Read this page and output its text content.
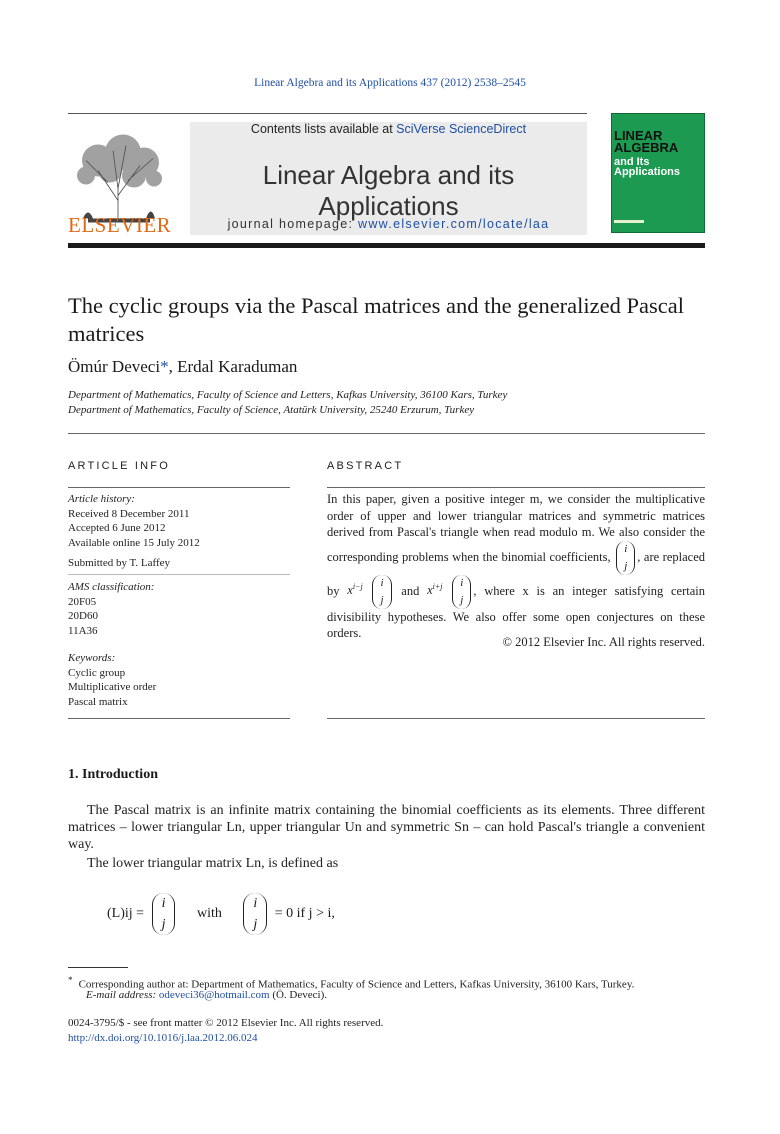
Linear Algebra and its Applications 437 (2012) 2538–2545
ELSEVIER
Contents lists available at SciVerse ScienceDirect
Linear Algebra and its Applications
journal homepage: www.elsevier.com/locate/laa
LINEAR ALGEBRA
and Its Applications
The cyclic groups via the Pascal matrices and the generalized Pascal matrices
Ömúr Deveci*, Erdal Karaduman
Department of Mathematics, Faculty of Science and Letters, Kafkas University, 36100 Kars, Turkey
Department of Mathematics, Faculty of Science, Atatürk University, 25240 Erzurum, Turkey
ARTICLE INFO
Article history:
Received 8 December 2011
Accepted 6 June 2012
Available online 15 July 2012
Submitted by T. Laffey
AMS classification:
20F05
20D60
11A36
Keywords:
Cyclic group
Multiplicative order
Pascal matrix
ABSTRACT
In this paper, given a positive integer m, we consider the multiplicative order of upper and lower triangular matrices and symmetric matrices derived from Pascal's triangle when read modulo m. We also consider the corresponding problems when the binomial coefficients, i
j, are replaced by $x^{i-j}$ i
j and $x^{i+j}$ i
j, where x is an integer satisfying certain divisibility hypotheses. We also offer some open conjectures on these orders.
© 2012 Elsevier Inc. All rights reserved.
1. Introduction
The Pascal matrix is an infinite matrix containing the binomial coefficients as its elements. Three different matrices – lower triangular Ln, upper triangular Un and symmetric Sn – can hold Pascal's triangle a convenient way.
The lower triangular matrix Ln, is defined as
(L)ij = i
j with i
j = 0 if j > i,
* Corresponding author at: Department of Mathematics, Faculty of Science and Letters, Kafkas University, 36100 Kars, Turkey.
E-mail address: odeveci36@hotmail.com (Ö. Deveci).
0024-3795/$ - see front matter © 2012 Elsevier Inc. All rights reserved.
http://dx.doi.org/10.1016/j.laa.2012.06.024
